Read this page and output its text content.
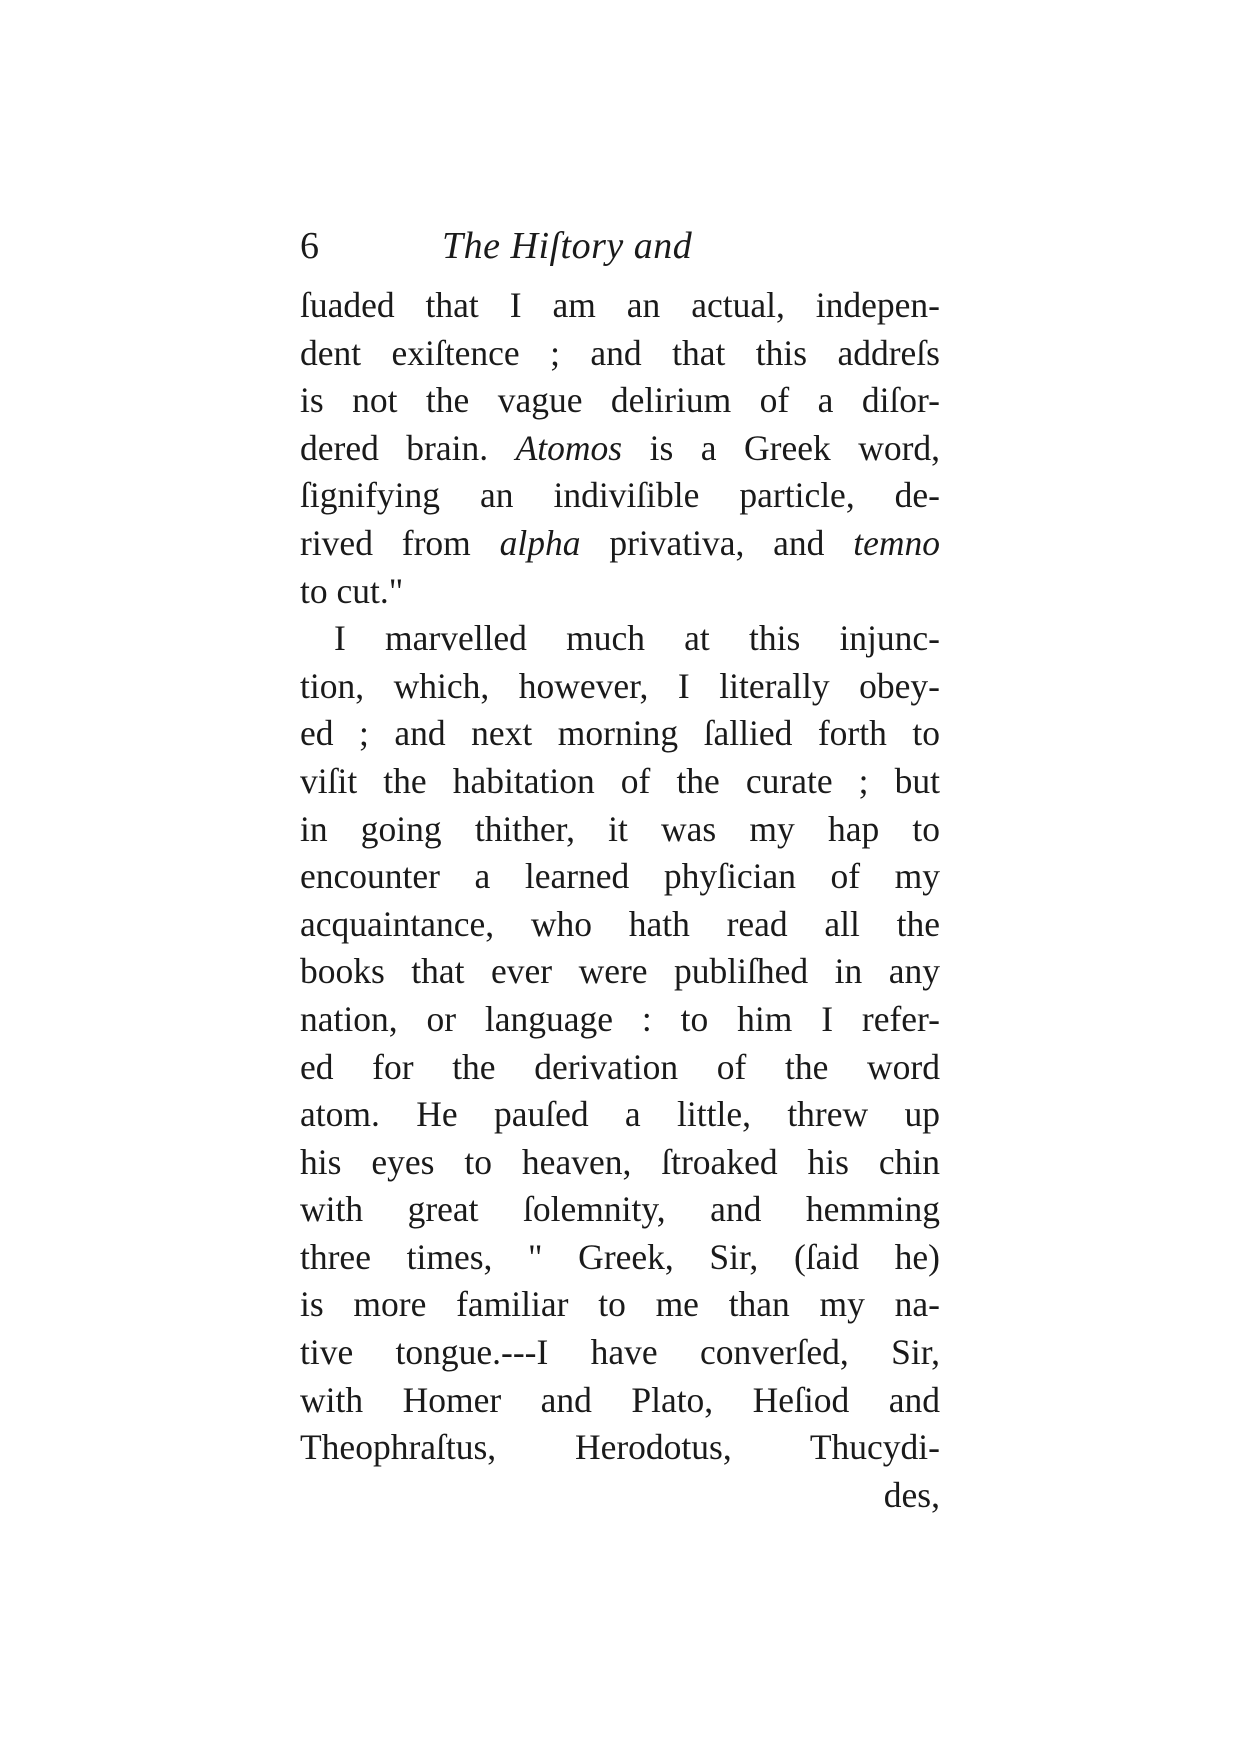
6	The Hiſtory and
ſuaded that I am an actual, indepen-
dent exiſtence ; and that this addreſs
is not the vague delirium of a diſor-
dered brain. Atomos is a Greek word,
ſignifying an indiviſible particle, de-
rived from alpha privativa, and temno
to cut."
I marvelled much at this injunc-
tion, which, however, I literally obey-
ed ; and next morning ſallied forth to
viſit the habitation of the curate ; but
in going thither, it was my hap to
encounter a learned phyſician of my
acquaintance, who hath read all the
books that ever were publiſhed in any
nation, or language : to him I refer-
ed for the derivation of the word
atom. He pauſed a little, threw up
his eyes to heaven, ſtroaked his chin
with great ſolemnity, and hemming
three times, " Greek, Sir, (ſaid he)
is more familiar to me than my na-
tive tongue.---I have converſed, Sir,
with Homer and Plato, Heſiod and
Theophraſtus, Herodotus, Thucydi-
des,
